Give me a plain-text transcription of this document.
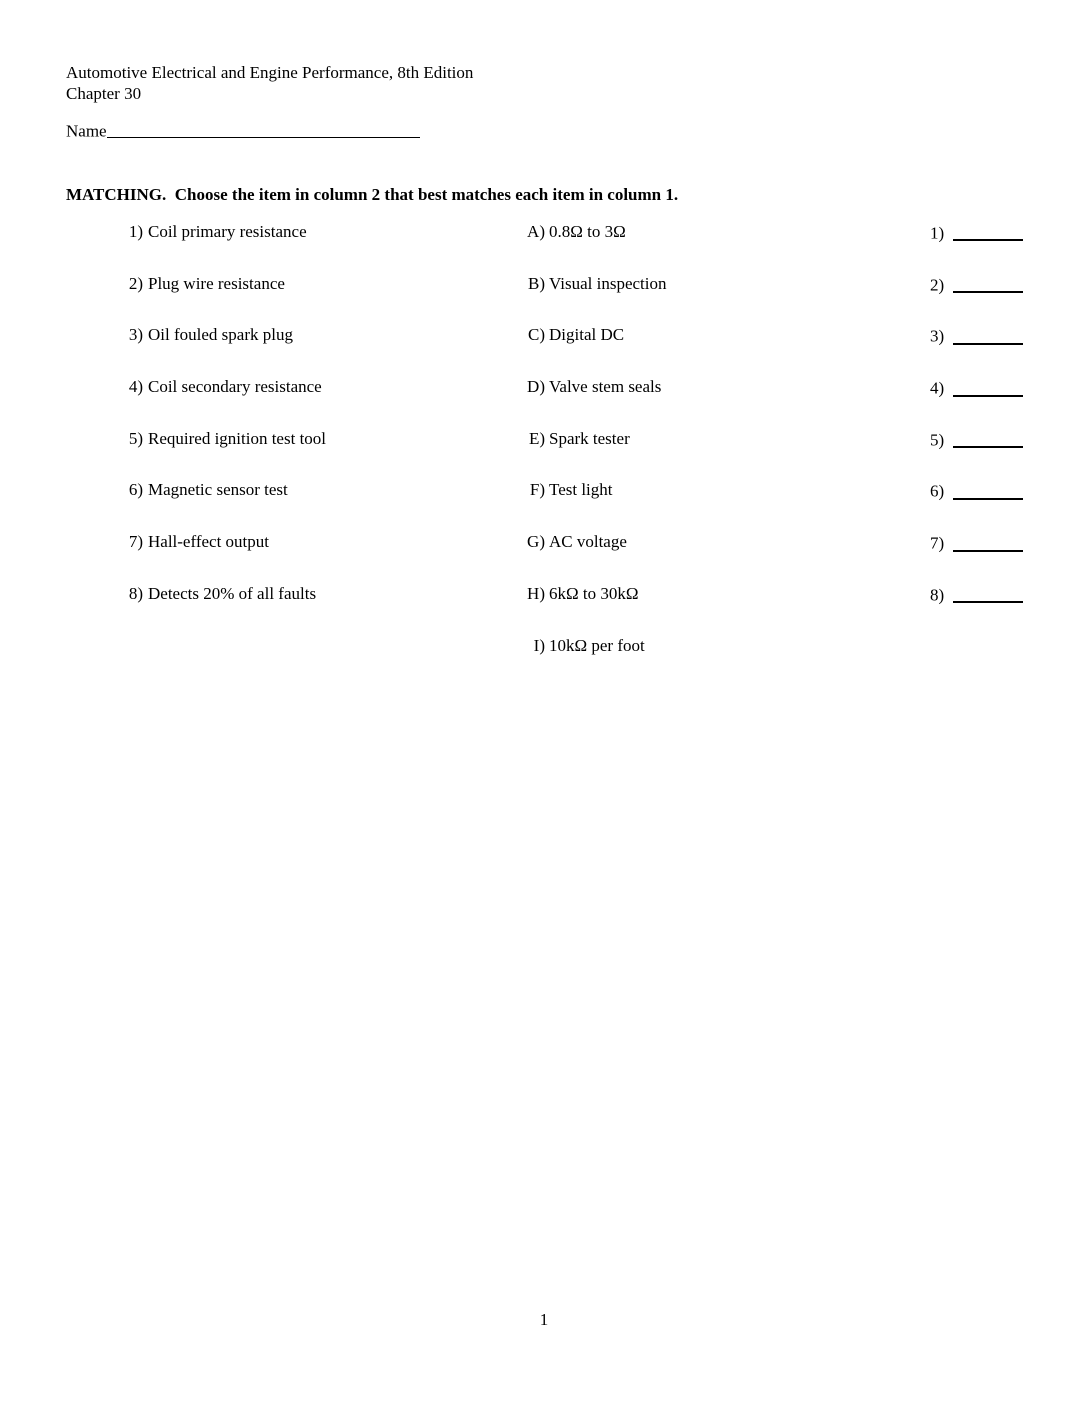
Automotive Electrical and Engine Performance, 8th Edition
Chapter 30
Name
MATCHING.  Choose the item in column 2 that best matches each item in column 1.
1) Coil primary resistance	A) 0.8Ω to 3Ω	1)
2) Plug wire resistance	B) Visual inspection	2)
3) Oil fouled spark plug	C) Digital DC	3)
4) Coil secondary resistance	D) Valve stem seals	4)
5) Required ignition test tool	E) Spark tester	5)
6) Magnetic sensor test	F) Test light	6)
7) Hall-effect output	G) AC voltage	7)
8) Detects 20% of all faults	H) 6kΩ to 30kΩ	8)
I) 10kΩ per foot
1
